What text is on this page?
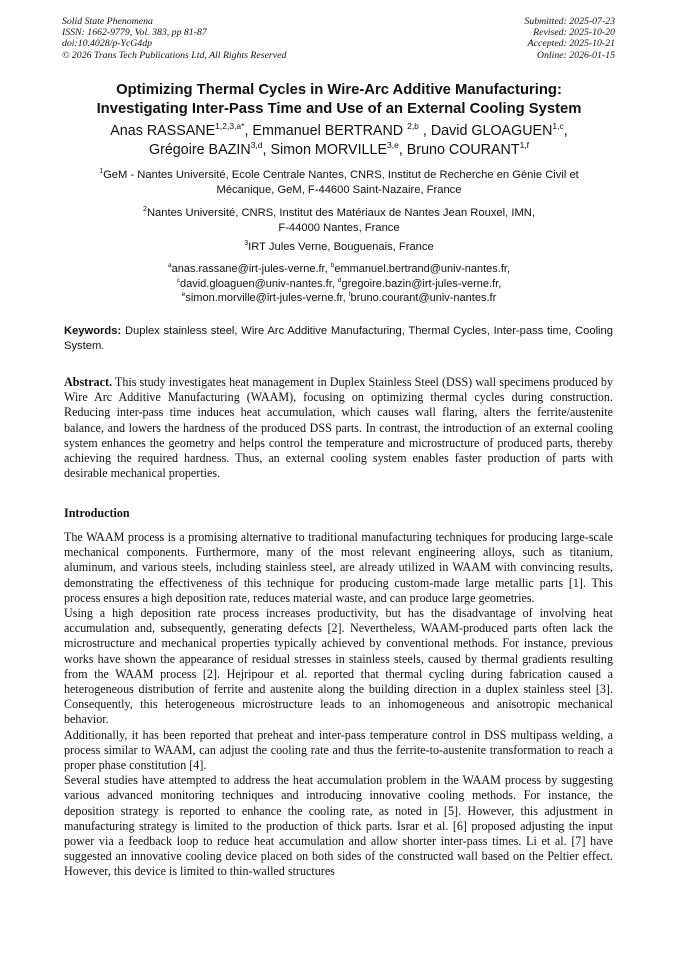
Solid State Phenomena
ISSN: 1662-9779, Vol. 383, pp 81-87
doi:10.4028/p-YcG4dp
© 2026 Trans Tech Publications Ltd, All Rights Reserved
Submitted: 2025-07-23
Revised: 2025-10-20
Accepted: 2025-10-21
Online: 2026-01-15
Optimizing Thermal Cycles in Wire-Arc Additive Manufacturing:
Investigating Inter-Pass Time and Use of an External Cooling System
Anas $RASSANE^{1,2,3,a*}$, Emmanuel BERTRAND $^{2,b}$ , David GLOAGUEN$^{1,c}$,
Grégoire BAZIN$^{3,d}$, Simon MORVILLE$^{3,e}$, Bruno COURANT$^{1,f}$
$^1$GeM - Nantes Université, Ecole Centrale Nantes, CNRS, Institut de Recherche en Génie Civil et
Mécanique, GeM, F-44600 Saint-Nazaire, France
$^2$Nantes Université, CNRS, Institut des Matériaux de Nantes Jean Rouxel, IMN,
F-44000 Nantes, France
$^3$IRT Jules Verne, Bouguenais, France
$^a$anas.rassane@irt-jules-verne.fr, $^b$emmanuel.bertrand@univ-nantes.fr,
$^c$david.gloaguen@univ-nantes.fr, $^d$gregoire.bazin@irt-jules-verne.fr,
$^e$simon.morville@irt-jules-verne.fr, $^f$bruno.courant@univ-nantes.fr
Keywords: Duplex stainless steel, Wire Arc Additive Manufacturing, Thermal Cycles, Inter-pass time, Cooling System.
Abstract. This study investigates heat management in Duplex Stainless Steel (DSS) wall specimens produced by Wire Arc Additive Manufacturing (WAAM), focusing on optimizing thermal cycles during construction. Reducing inter-pass time induces heat accumulation, which causes wall flaring, alters the ferrite/austenite balance, and lowers the hardness of the produced DSS parts. In contrast, the introduction of an external cooling system enhances the geometry and helps control the temperature and microstructure of produced parts, thereby achieving the required hardness. Thus, an external cooling system enables faster production of parts with desirable mechanical properties.
Introduction

The WAAM process is a promising alternative to traditional manufacturing techniques for producing large-scale mechanical components. Furthermore, many of the most relevant engineering alloys, such as titanium, aluminum, and various steels, including stainless steel, are already utilized in WAAM with convincing results, demonstrating the effectiveness of this technique for producing custom-made large metallic parts [1]. This process ensures a high deposition rate, reduces material waste, and can produce large geometries.

Using a high deposition rate process increases productivity, but has the disadvantage of involving heat accumulation and, subsequently, generating defects [2]. Nevertheless, WAAM-produced parts often lack the microstructure and mechanical properties typically achieved by conventional methods. For instance, previous works have shown the appearance of residual stresses in stainless steels, caused by thermal gradients resulting from the WAAM process [2]. Hejripour et al. reported that thermal cycling during fabrication caused a heterogeneous distribution of ferrite and austenite along the building direction in a duplex stainless steel [3]. Consequently, this heterogeneous microstructure leads to an inhomogeneous and anisotropic mechanical behavior.

Additionally, it has been reported that preheat and inter-pass temperature control in DSS multipass welding, a process similar to WAAM, can adjust the cooling rate and thus the ferrite-to-austenite transformation to reach a proper phase constitution [4].

Several studies have attempted to address the heat accumulation problem in the WAAM process by suggesting various advanced monitoring techniques and introducing innovative cooling methods. For instance, the deposition strategy is reported to enhance the cooling rate, as noted in [5]. However, this adjustment in manufacturing strategy is limited to the production of thick parts. Israr et al. [6] proposed adjusting the input power via a feedback loop to reduce heat accumulation and allow shorter inter-pass times. Li et al. [7] have suggested an innovative cooling device placed on both sides of the constructed wall based on the Peltier effect. However, this device is limited to thin-walled structures
